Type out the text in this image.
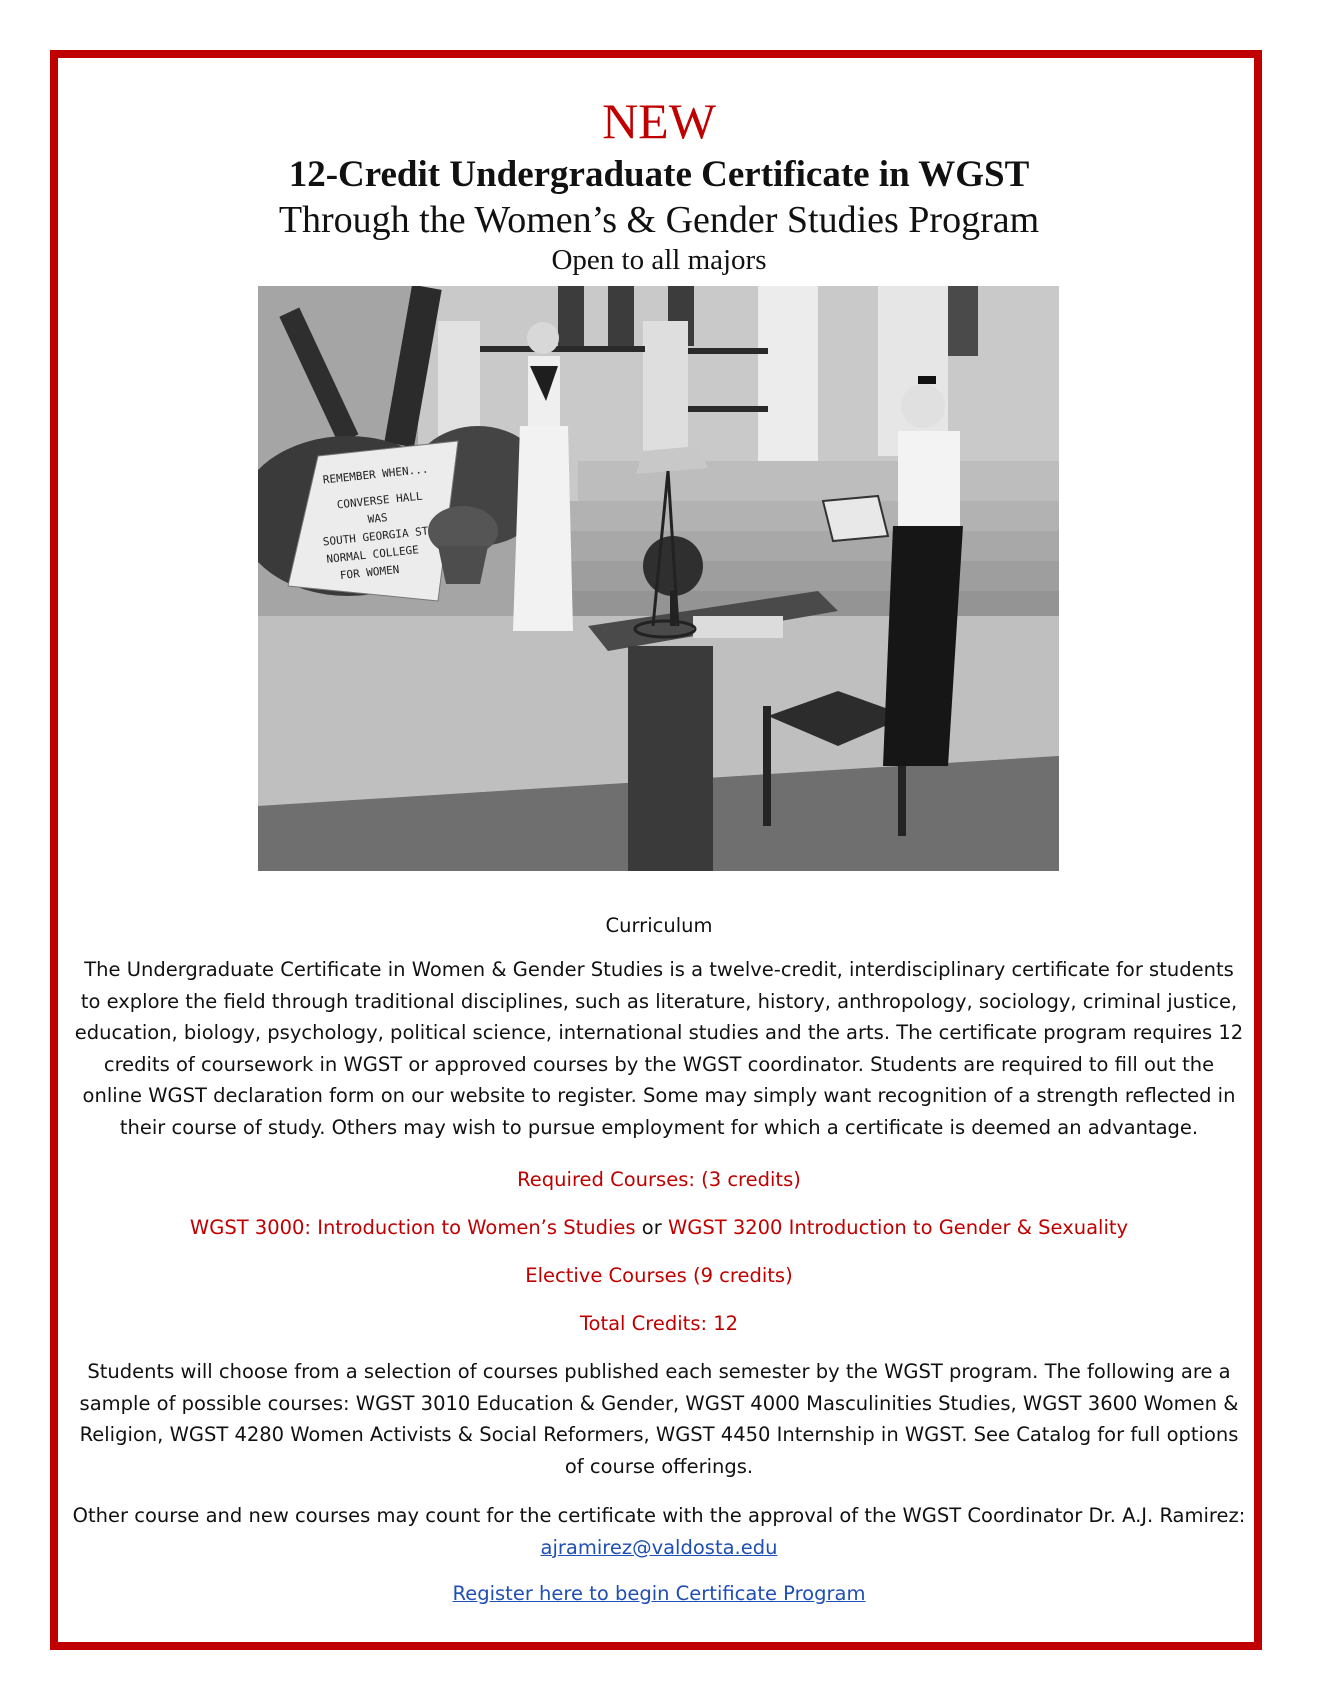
NEW
12-Credit Undergraduate Certificate in WGST
Through the Women’s & Gender Studies Program
Open to all majors
REMEMBER WHEN...
CONVERSE HALL
WAS
SOUTH GEORGIA ST
NORMAL COLLEGE
FOR WOMEN
Curriculum
The Undergraduate Certificate in Women & Gender Studies is a twelve-credit, interdisciplinary certificate for students to explore the field through traditional disciplines, such as literature, history, anthropology, sociology, criminal justice, education, biology, psychology, political science, international studies and the arts. The certificate program requires 12 credits of coursework in WGST or approved courses by the WGST coordinator. Students are required to fill out the online WGST declaration form on our website to register. Some may simply want recognition of a strength reflected in their course of study. Others may wish to pursue employment for which a certificate is deemed an advantage.
Required Courses: (3 credits)
WGST 3000: Introduction to Women’s Studies or WGST 3200 Introduction to Gender & Sexuality
Elective Courses (9 credits)
Total Credits: 12
Students will choose from a selection of courses published each semester by the WGST program. The following are a sample of possible courses: WGST 3010 Education & Gender, WGST 4000 Masculinities Studies, WGST 3600 Women & Religion, WGST 4280 Women Activists & Social Reformers, WGST 4450 Internship in WGST. See Catalog for full options of course offerings.
Other course and new courses may count for the certificate with the approval of the WGST Coordinator Dr. A.J. Ramirez:
ajramirez@valdosta.edu
Register here to begin Certificate Program
